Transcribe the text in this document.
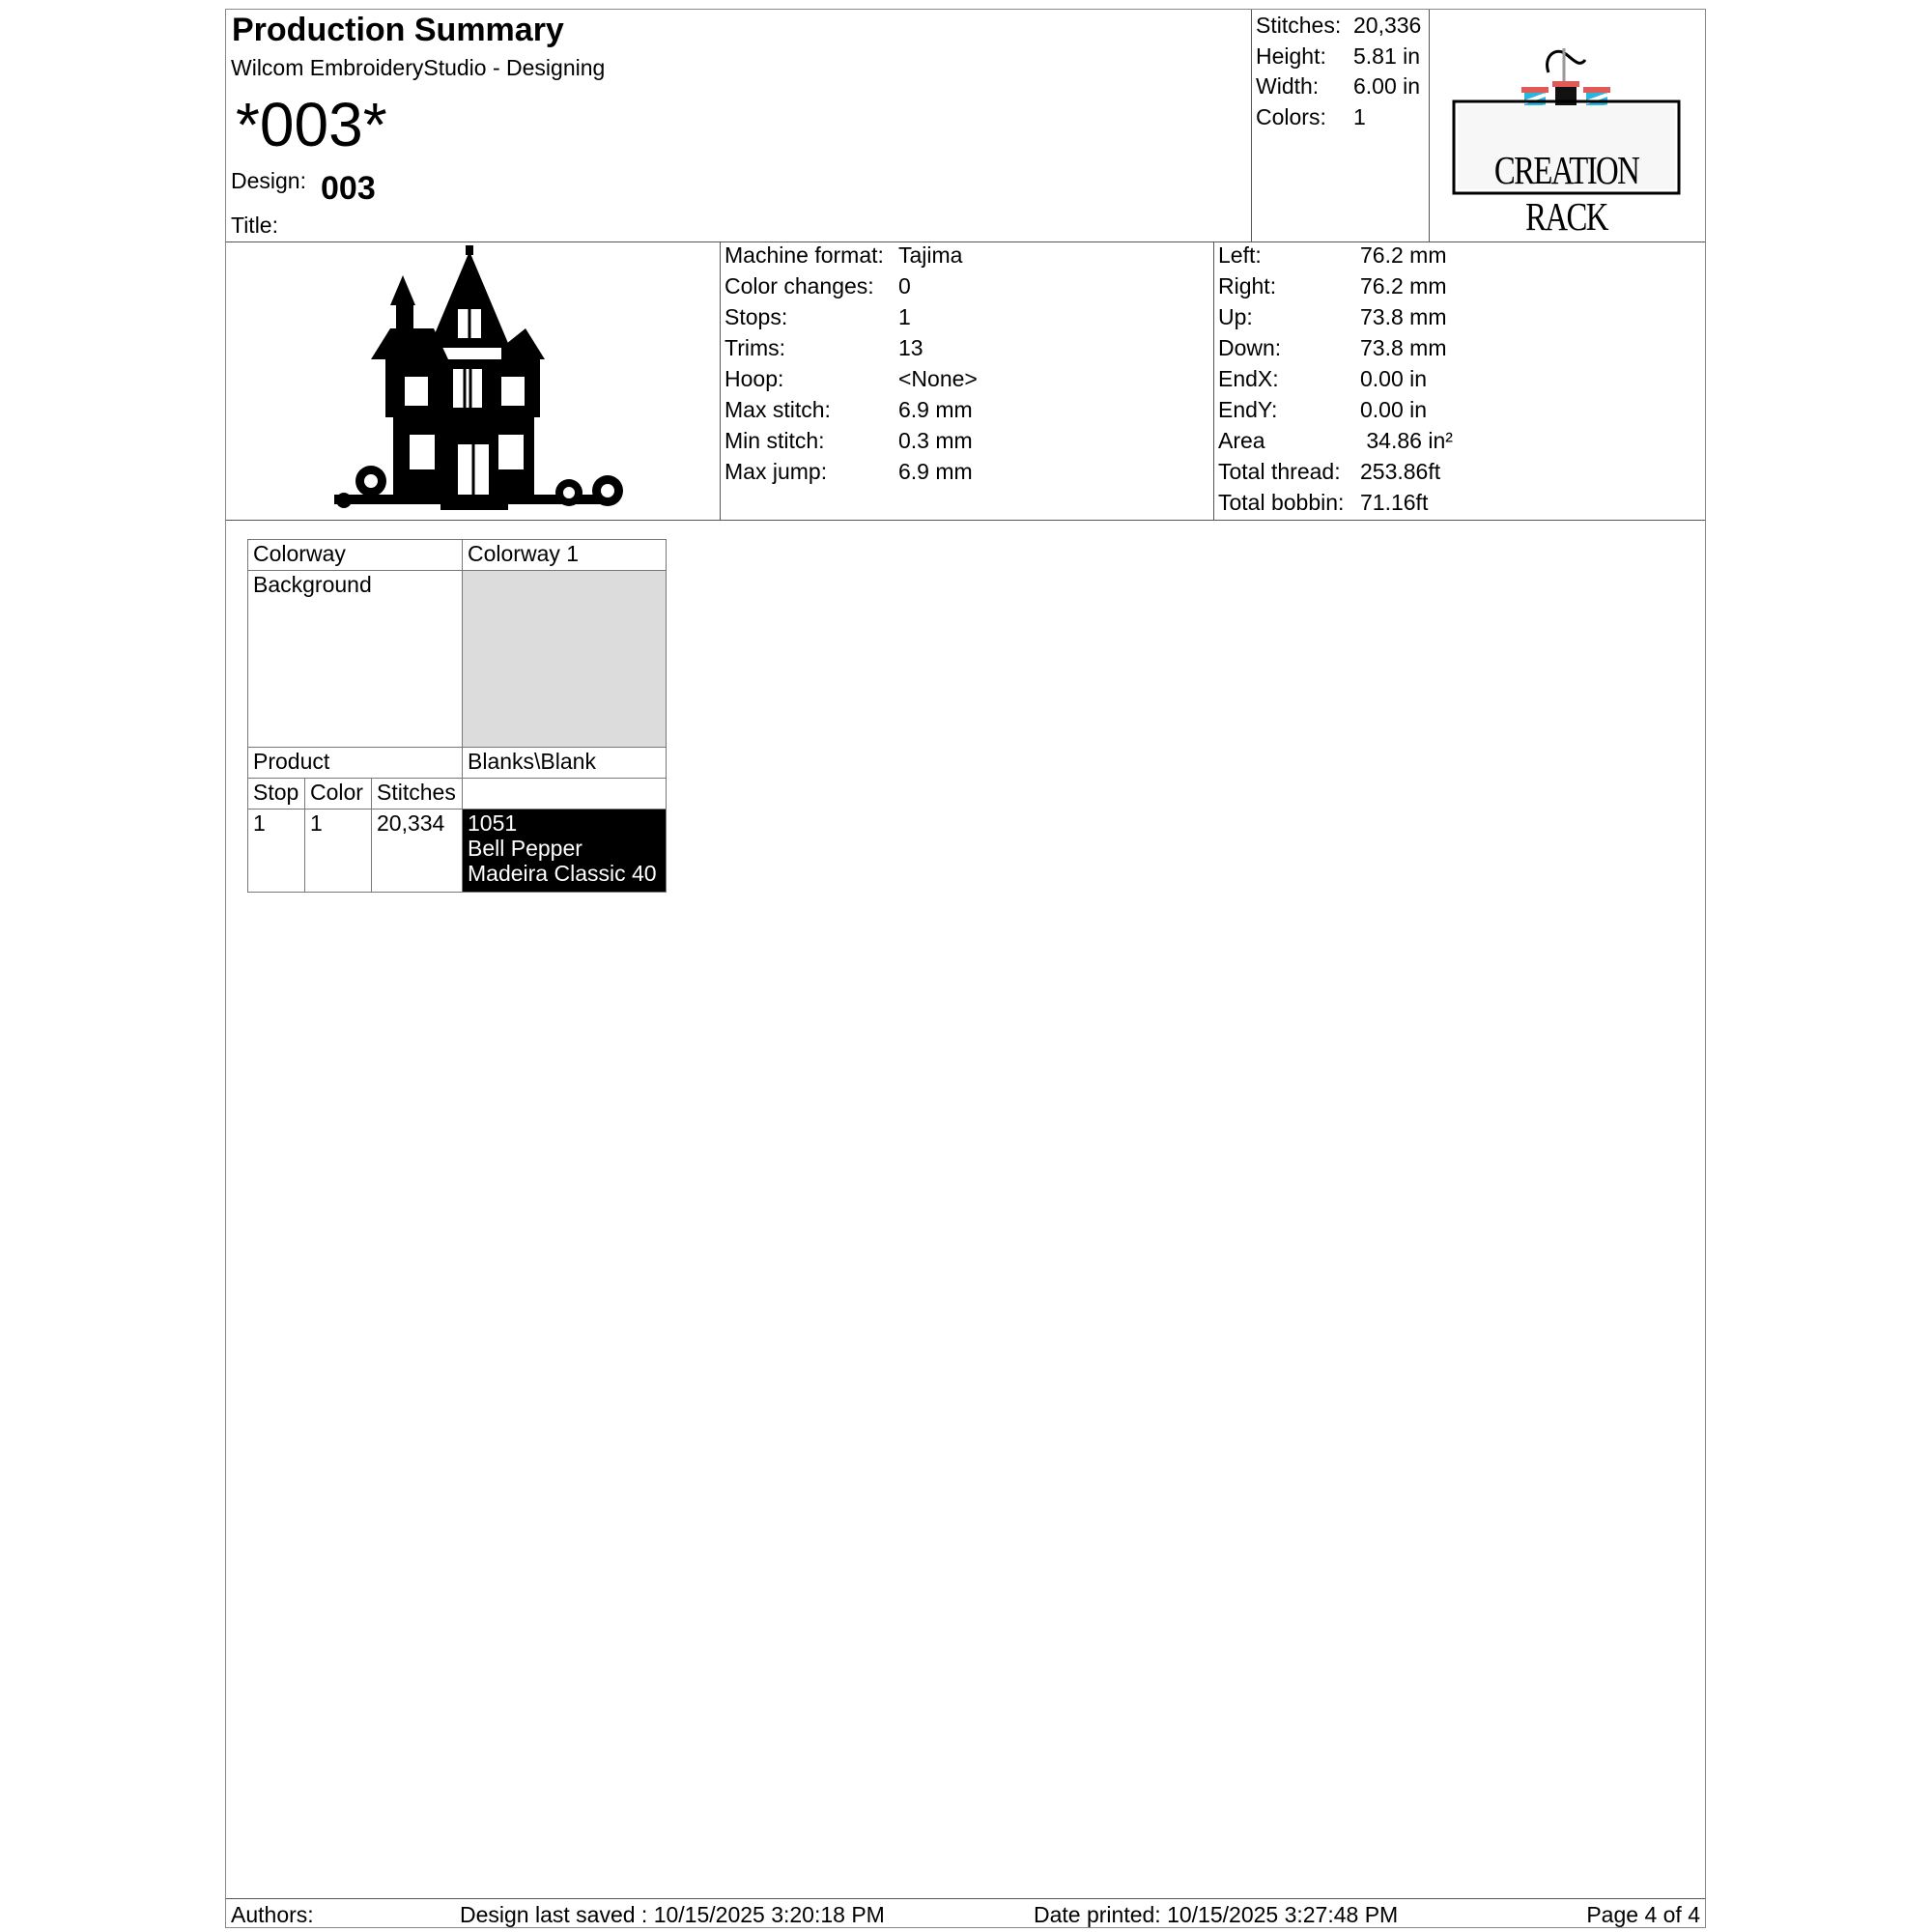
Production Summary
Wilcom EmbroideryStudio - Designing
*003*
Design: 003
Title:
Stitches: 20,336
Height: 5.81 in
Width: 6.00 in
Colors: 1
CREATION RACK
Machine format: Tajima
Color changes: 0
Stops:	1
Trims:	13
Hoop:	<None>
Max stitch:	6.9 mm
Min stitch:	0.3 mm
Max jump:	6.9 mm
Left:	76.2 mm
Right:	76.2 mm
Up:	73.8 mm
Down:	73.8 mm
EndX:	0.00 in
EndY:	0.00 in
Area	34.86 in²
Total thread: 253.86ft
Total bobbin: 71.16ft
Colorway	Colorway 1
Background
Product	Blanks\Blank
Stop Color Stitches
1	1	20,334	1051
Bell Pepper
Madeira Classic 40
Authors:	Design last saved : 10/15/2025 3:20:18 PM	Date printed: 10/15/2025 3:27:48 PM	Page 4 of 4
